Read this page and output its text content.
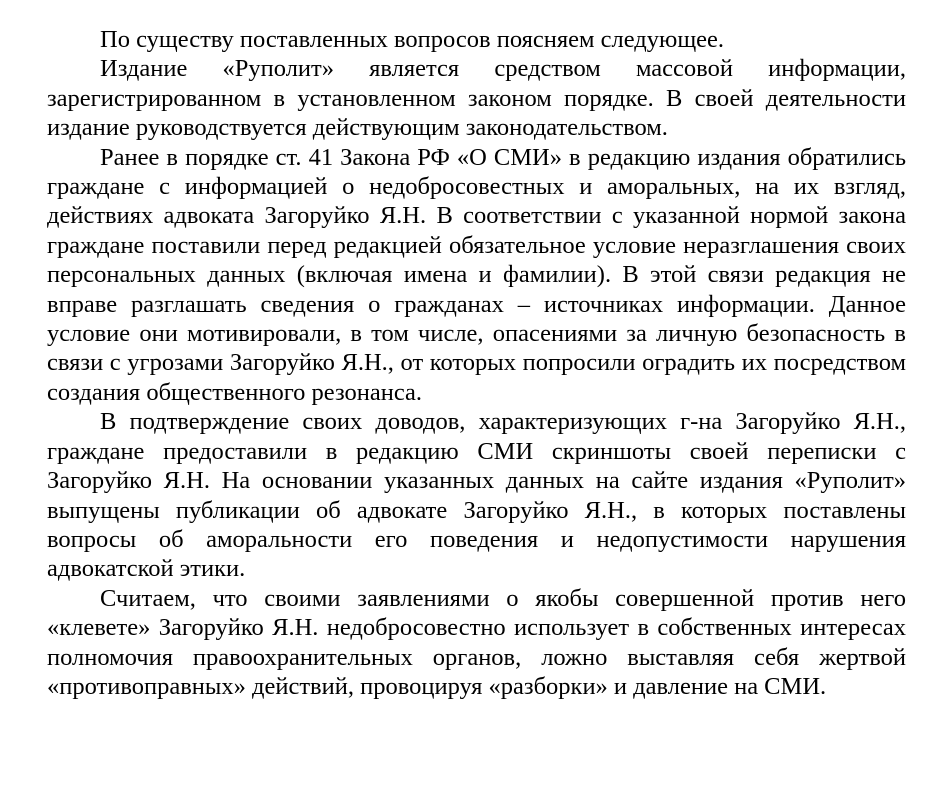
По существу поставленных вопросов поясняем следующее.

Издание «Руполит» является средством массовой информации, зарегистрированном в установленном законом порядке. В своей деятельности издание руководствуется действующим законодательством.

Ранее в порядке ст. 41 Закона РФ «О СМИ» в редакцию издания обратились граждане с информацией о недобросовестных и аморальных, на их взгляд, действиях адвоката Загоруйко Я.Н. В соответствии с указанной нормой закона граждане поставили перед редакцией обязательное условие неразглашения своих персональных данных (включая имена и фамилии). В этой связи редакция не вправе разглашать сведения о гражданах – источниках информации. Данное условие они мотивировали, в том числе, опасениями за личную безопасность в связи с угрозами Загоруйко Я.Н., от которых попросили оградить их посредством создания общественного резонанса.

В подтверждение своих доводов, характеризующих г-на Загоруйко Я.Н., граждане предоставили в редакцию СМИ скриншоты своей переписки с Загоруйко Я.Н. На основании указанных данных на сайте издания «Руполит» выпущены публикации об адвокате Загоруйко Я.Н., в которых поставлены вопросы об аморальности его поведения и недопустимости нарушения адвокатской этики.

Считаем, что своими заявлениями о якобы совершенной против него «клевете» Загоруйко Я.Н. недобросовестно использует в собственных интересах полномочия правоохранительных органов, ложно выставляя себя жертвой «противоправных» действий, провоцируя «разборки» и давление на СМИ.
